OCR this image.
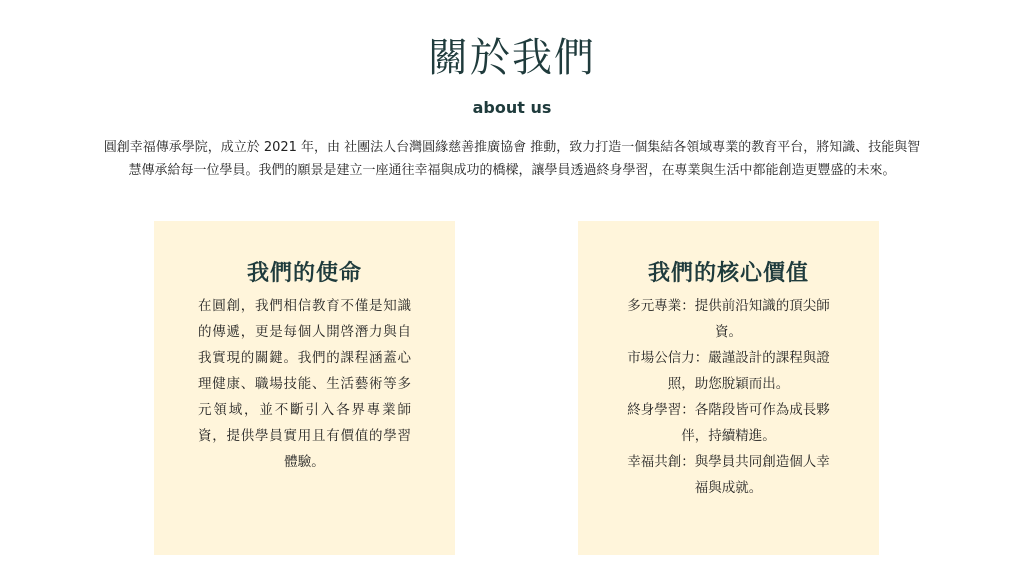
關於我們
about us
圓創幸福傳承學院，成立於 2021 年，由 社團法人台灣圓緣慈善推廣協會 推動，致力打造一個集結各領域專業的教育平台，將知識、技能與智慧傳承給每一位學員。我們的願景是建立一座通往幸福與成功的橋樑，讓學員透過終身學習，在專業與生活中都能創造更豐盛的未來。
我們的使命
在圓創，我們相信教育不僅是知識的傳遞，更是每個人開啓潛力與自我實現的關鍵。我們的課程涵蓋心理健康、職場技能、生活藝術等多元領域，並不斷引入各界專業師資，提供學員實用且有價值的學習體驗。
我們的核心價值

多元專業：提供前沿知識的頂尖師資。

市場公信力：嚴謹設計的課程與證照，助您脫穎而出。

終身學習：各階段皆可作為成長夥伴，持續精進。

幸福共創：與學員共同創造個人幸福與成就。
